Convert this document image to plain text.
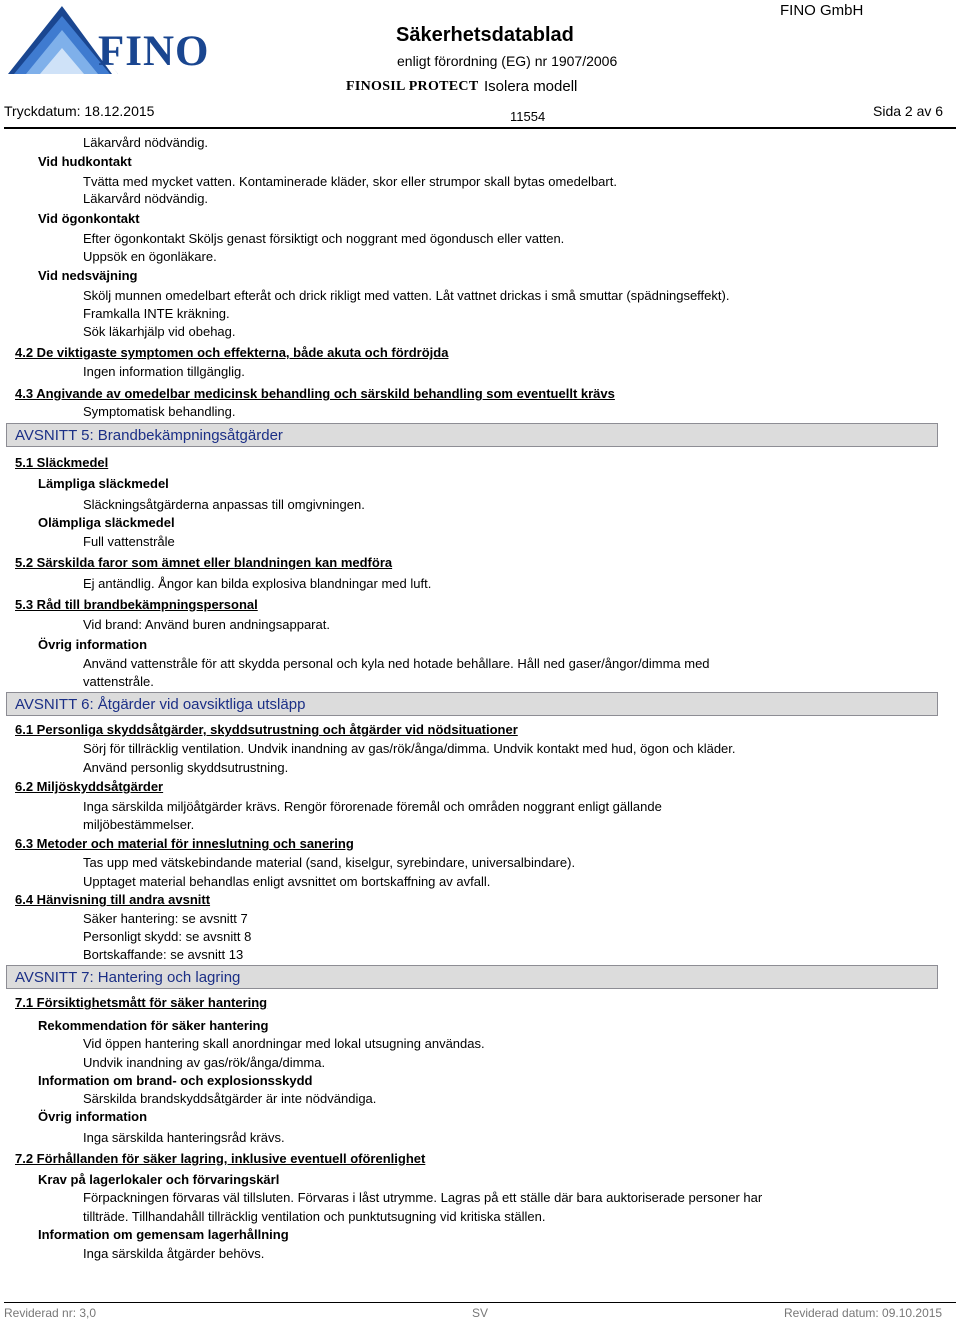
FINO	Säkerhetsdatablad
enligt förordning (EG) nr 1907/2006
FINO GmbH
FINOSIL PROTECT Isolera modell
Tryckdatum: 18.12.2015	11554	Sida 2 av 6
Läkarvård nödvändig.
Vid hudkontakt
Tvätta med mycket vatten. Kontaminerade kläder, skor eller strumpor skall bytas omedelbart.
Läkarvård nödvändig.
Vid ögonkontakt
Efter ögonkontakt Sköljs genast försiktigt och noggrant med ögondusch eller vatten.
Uppsök en ögonläkare.
Vid nedsväjning
Skölj munnen omedelbart efteråt och drick rikligt med vatten. Låt vattnet drickas i små smuttar (spädningseffekt).
Framkalla INTE kräkning.
Sök läkarhjälp vid obehag.
4.2 De viktigaste symptomen och effekterna, både akuta och fördröjda
Ingen information tillgänglig.
4.3 Angivande av omedelbar medicinsk behandling och särskild behandling som eventuellt krävs
Symptomatisk behandling.
AVSNITT 5: Brandbekämpningsåtgärder
5.1 Släckmedel
Lämpliga släckmedel
Släckningsåtgärderna anpassas till omgivningen.
Olämpliga släckmedel
Full vattenstråle
5.2 Särskilda faror som ämnet eller blandningen kan medföra
Ej antändlig. Ångor kan bilda explosiva blandningar med luft.
5.3 Råd till brandbekämpningspersonal
Vid brand: Använd buren andningsapparat.
Övrig information
Använd vattenstråle för att skydda personal och kyla ned hotade behållare. Håll ned gaser/ångor/dimma med
vattenstråle.
AVSNITT 6: Åtgärder vid oavsiktliga utsläpp
6.1 Personliga skyddsåtgärder, skyddsutrustning och åtgärder vid nödsituationer
Sörj för tillräcklig ventilation. Undvik inandning av gas/rök/ånga/dimma. Undvik kontakt med hud, ögon och kläder.
Använd personlig skyddsutrustning.
6.2 Miljöskyddsåtgärder
Inga särskilda miljöåtgärder krävs. Rengör förorenade föremål och områden noggrant enligt gällande
miljöbestämmelser.
6.3 Metoder och material för inneslutning och sanering
Tas upp med vätskebindande material (sand, kiselgur, syrebindare, universalbindare).
Upptaget material behandlas enligt avsnittet om bortskaffning av avfall.
6.4 Hänvisning till andra avsnitt
Säker hantering: se avsnitt 7
Personligt skydd: se avsnitt 8
Bortskaffande: se avsnitt 13
AVSNITT 7: Hantering och lagring
7.1 Försiktighetsmått för säker hantering
Rekommendation för säker hantering
Vid öppen hantering skall anordningar med lokal utsugning användas.
Undvik inandning av gas/rök/ånga/dimma.
Information om brand- och explosionsskydd
Särskilda brandskyddsåtgärder är inte nödvändiga.
Övrig information
Inga särskilda hanteringsråd krävs.
7.2 Förhållanden för säker lagring, inklusive eventuell oförenlighet
Krav på lagerlokaler och förvaringskärl
Förpackningen förvaras väl tillsluten. Förvaras i låst utrymme. Lagras på ett ställe där bara auktoriserade personer har
tillträde. Tillhandahåll tillräcklig ventilation och punktutsugning vid kritiska ställen.
Information om gemensam lagerhållning
Inga särskilda åtgärder behövs.
Reviderad nr: 3,0	SV	Reviderad datum: 09.10.2015
